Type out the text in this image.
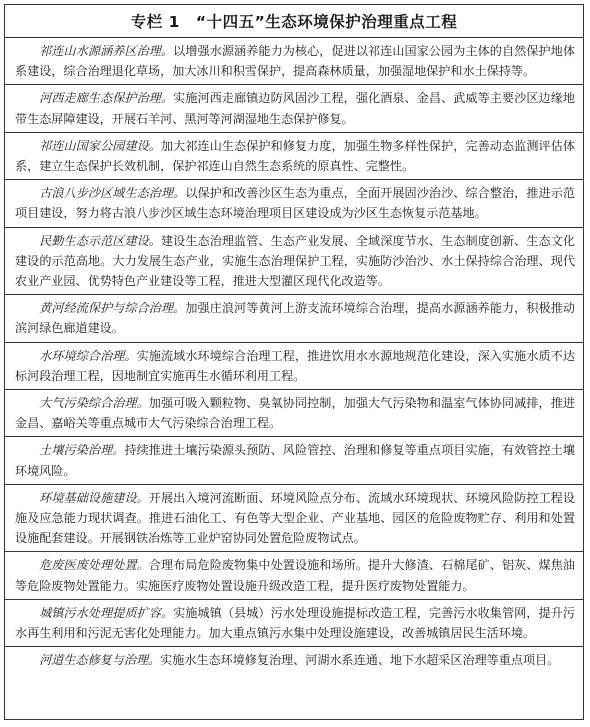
专栏 1 “十四五”生态环境保护治理重点工程
祁连山水源涵养区治理。以增强水源涵养能力为核心，促进以祁连山国家公园为主体的自然保护地体系建设，综合治理退化草场，加大冰川和积雪保护，提高森林质量，加强湿地保护和水土保持等。
河西走廊生态保护治理。实施河西走廊镇边防风固沙工程，强化酒泉、金昌、武威等主要沙区边缘地带生态屏障建设，开展石羊河、黑河等河湖湿地生态保护修复。
祁连山国家公园建设。加大祁连山生态保护和修复力度，加强生物多样性保护，完善动态监测评估体系，建立生态保护长效机制，保护祁连山自然生态系统的原真性、完整性。
古浪八步沙区域生态治理。以保护和改善沙区生态为重点，全面开展固沙治沙、综合整治，推进示范项目建设，努力将古浪八步沙区域生态环境治理项目区建设成为沙区生态恢复示范基地。
民勤生态示范区建设。建设生态治理监管、生态产业发展、全域深度节水、生态制度创新、生态文化建设的示范高地。大力发展生态产业，实施生态治理保护工程，实施防沙治沙、水土保持综合治理、现代农业产业园、优势特色产业建设等工程，推进大型灌区现代化改造等。
黄河经流保护与综合治理。加强庄浪河等黄河上游支流环境综合治理，提高水源涵养能力，积极推动滨河绿色廊道建设。
水环境综合治理。实施流域水环境综合治理工程，推进饮用水水源地规范化建设，深入实施水质不达标河段治理工程，因地制宜实施再生水循环利用工程。
大气污染综合治理。加强可吸入颗粒物、臭氧协同控制，加强大气污染物和温室气体协同减排，推进金昌、嘉峪关等重点城市大气污染综合治理工程。
土壤污染治理。持续推进土壤污染源头预防、风险管控、治理和修复等重点项目实施，有效管控土壤环境风险。
环境基础设施建设。开展出入境河流断面、环境风险点分布、流域水环境现状、环境风险防控工程设施及应急能力现状调查。推进石油化工、有色等大型企业、产业基地、园区的危险废物贮存、利用和处置设施配套建设。开展钢铁冶炼等工业炉窑协同处置危险废物试点。
危废医废处理处置。合理布局危险废物集中处置设施和场所。提升大修渣、石棉尾矿、铝灰、煤焦油等危险废物处置能力。实施医疗废物处置设施升级改造工程，提升医疗废物处置能力。
城镇污水处理提质扩容。实施城镇（县城）污水处理设施提标改造工程，完善污水收集管网，提升污水再生利用和污泥无害化处理能力。加大重点镇污水集中处理设施建设，改善城镇居民生活环境。
河道生态修复与治理。实施水生态环境修复治理、河湖水系连通、地下水超采区治理等重点项目。
